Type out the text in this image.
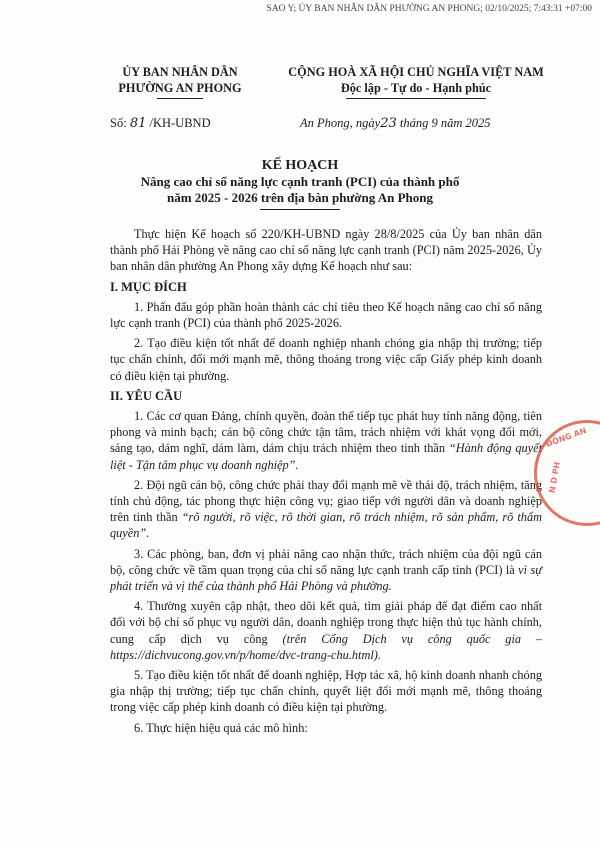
SAO Y; ỦY BAN NHÂN DÂN PHƯỜNG AN PHONG; 02/10/2025; 7:43:31 +07:00
ỦY BAN NHÂN DÂN
PHƯỜNG AN PHONG
CỘNG HOÀ XÃ HỘI CHỦ NGHĨA VIỆT NAM
Độc lập - Tự do - Hạnh phúc
Số: 81 /KH-UBND	An Phong, ngày23 tháng 9 năm 2025
KẾ HOẠCH
Nâng cao chỉ số năng lực cạnh tranh (PCI) của thành phố
năm 2025 - 2026 trên địa bàn phường An Phong

Thực hiện Kế hoạch số 220/KH-UBND ngày 28/8/2025 của Ủy ban nhân dân thành phố Hải Phòng về nâng cao chỉ số năng lực cạnh tranh (PCI) năm 2025-2026, Ủy ban nhân dân phường An Phong xây dựng Kế hoạch như sau:

I. MỤC ĐÍCH

1. Phấn đấu góp phần hoàn thành các chỉ tiêu theo Kế hoạch nâng cao chỉ số năng lực cạnh tranh (PCI) của thành phố 2025-2026.

2. Tạo điều kiện tốt nhất để doanh nghiệp nhanh chóng gia nhập thị trường; tiếp tục chấn chỉnh, đổi mới mạnh mẽ, thông thoáng trong việc cấp Giấy phép kinh doanh có điều kiện tại phường.

II. YÊU CẦU

1. Các cơ quan Đảng, chính quyền, đoàn thể tiếp tục phát huy tính năng động, tiên phong và minh bạch; cán bộ công chức tận tâm, trách nhiệm với khát vọng đổi mới, sáng tạo, dám nghĩ, dám làm, dám chịu trách nhiệm theo tinh thần “Hành động quyết liệt - Tận tâm phục vụ doanh nghiệp”.

2. Đội ngũ cán bộ, công chức phải thay đổi mạnh mẽ về thái độ, trách nhiệm, tăng tính chủ động, tác phong thực hiện công vụ; giao tiếp với người dân và doanh nghiệp trên tinh thần “rõ người, rõ việc, rõ thời gian, rõ trách nhiệm, rõ sản phẩm, rõ thẩm quyền”.

3. Các phòng, ban, đơn vị phải nâng cao nhận thức, trách nhiệm của đội ngũ cán bộ, công chức về tầm quan trọng của chỉ số năng lực cạnh tranh cấp tỉnh (PCI) là vì sự phát triển và vị thế của thành phố Hải Phòng và phường.

4. Thường xuyên cập nhật, theo dõi kết quả, tìm giải pháp để đạt điểm cao nhất đối với bộ chỉ số phục vụ người dân, doanh nghiệp trong thực hiện thủ tục hành chính, cung cấp dịch vụ công (trên Cổng Dịch vụ công quốc gia – https://dichvucong.gov.vn/p/home/dvc-trang-chu.html).

5. Tạo điều kiện tốt nhất để doanh nghiệp, Hợp tác xã, hộ kinh doanh nhanh chóng gia nhập thị trường; tiếp tục chấn chỉnh, quyết liệt đổi mới mạnh mẽ, thông thoáng trong việc cấp phép kinh doanh có điều kiện tại phường.

6. Thực hiện hiệu quả các mô hình:

ĐỒNG AN
N D PH
